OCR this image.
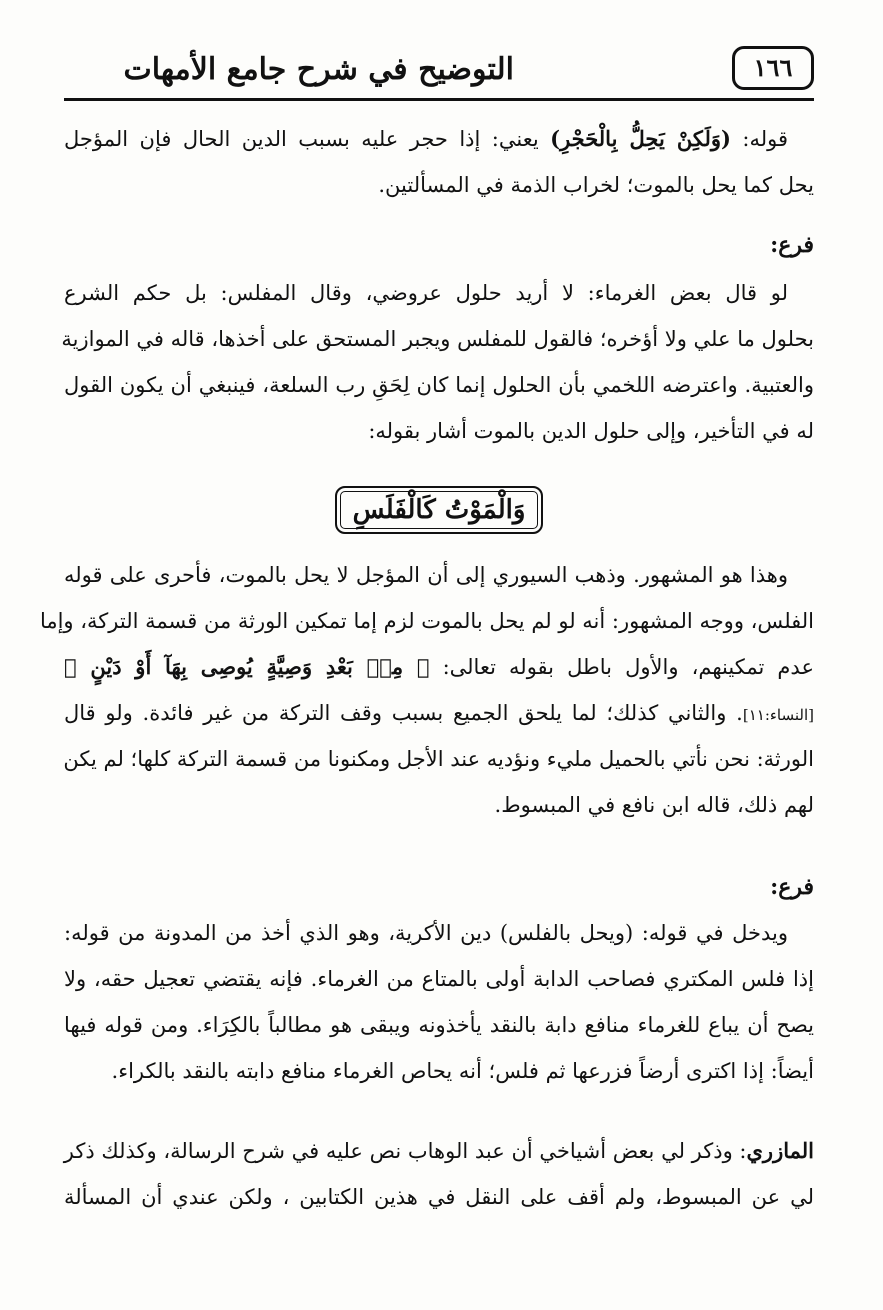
١٦٦
التوضيح في شرح جامع الأمهات
قوله: (وَلَكِنْ يَحِلُّ بِالْحَجْرِ) يعني: إذا حجر عليه بسبب الدين الحال فإن المؤجل
يحل كما يحل بالموت؛ لخراب الذمة في المسألتين.
فرع:
لو قال بعض الغرماء: لا أريد حلول عروضي، وقال المفلس: بل حكم الشرع
بحلول ما علي ولا أؤخره؛ فالقول للمفلس ويجبر المستحق على أخذها، قاله في الموازية
والعتبية. واعترضه اللخمي بأن الحلول إنما كان لِحَقِ رب السلعة، فينبغي أن يكون القول
له في التأخير، وإلى حلول الدين بالموت أشار بقوله:
وَالْمَوْتُ كَالْفَلَسِ
وهذا هو المشهور. وذهب السيوري إلى أن المؤجل لا يحل بالموت، فأحرى على قوله
الفلس، ووجه المشهور: أنه لو لم يحل بالموت لزم إما تمكين الورثة من قسمة التركة، وإما
عدم تمكينهم، والأول باطل بقوله تعالى: ﴿ مِنۢ بَعْدِ وَصِيَّةٍ يُوصِى بِهَآ أَوْ دَيْنٍ ﴾
[النساء:١١]. والثاني كذلك؛ لما يلحق الجميع بسبب وقف التركة من غير فائدة. ولو قال
الورثة: نحن نأتي بالحميل مليء ونؤديه عند الأجل ومكنونا من قسمة التركة كلها؛ لم يكن
لهم ذلك، قاله ابن نافع في المبسوط.
فرع:
ويدخل في قوله: (ويحل بالفلس) دين الأكرية، وهو الذي أخذ من المدونة من قوله:
إذا فلس المكتري فصاحب الدابة أولى بالمتاع من الغرماء. فإنه يقتضي تعجيل حقه، ولا
يصح أن يباع للغرماء منافع دابة بالنقد يأخذونه ويبقى هو مطالباً بالكِرَاء. ومن قوله فيها
أيضاً: إذا اكترى أرضاً فزرعها ثم فلس؛ أنه يحاص الغرماء منافع دابته بالنقد بالكراء.
المازري: وذكر لي بعض أشياخي أن عبد الوهاب نص عليه في شرح الرسالة، وكذلك ذكر
لي عن المبسوط، ولم أقف على النقل في هذين الكتابين ، ولكن عندي أن المسألة
